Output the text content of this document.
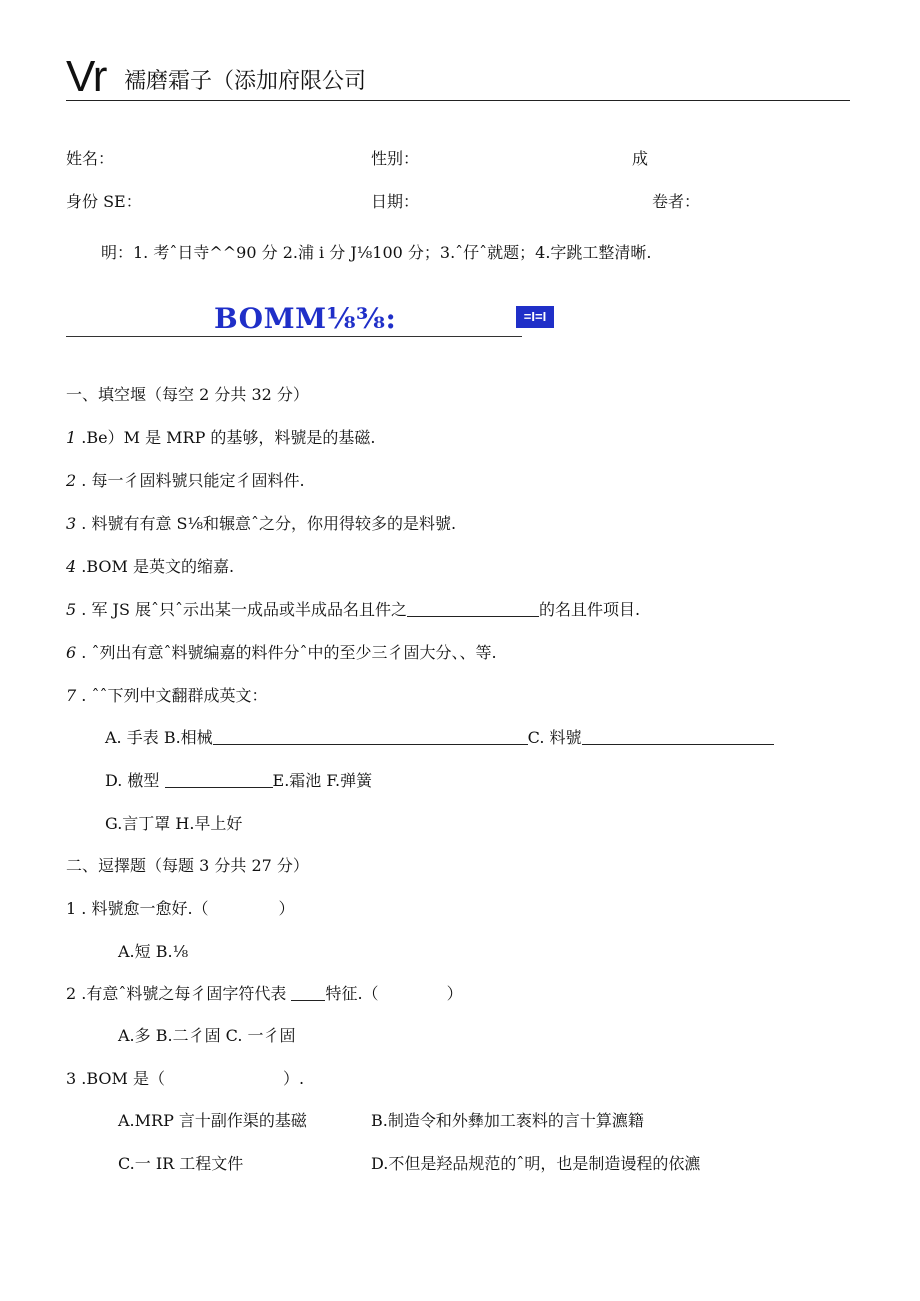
Vr 襦磨霜子（添加府限公司
姓名：	性别：	成
身份 SE：	日期：	卷者：
明：1. 考ˆ日寺^^90 分 2.浦 i 分 J⅛100 分；3.ˆ仔ˆ就题；4.字跳工整清晰.
BOMM⅛⅜:	=I=I
一、填空堰（每空 2 分共 32 分）
1 .Be）M 是 MRP 的基够，料號是的基磁.
2 . 每一彳固料號只能定彳固料件.
3 . 料號有有意 S⅛和辗意ˆ之分，你用得较多的是料號.
4 .BOM 是英文的缩嘉.
5 . 军 JS 展ˆ只ˆ示出某一成品或半成品名且件之	的名且件项目.
6 . ˆ列出有意ˆ料號编嘉的料件分ˆ中的至少三彳固大分、、等.
7 . ˆˆ下列中文翻群成英文：
A. 手表 B.相械	C. 料號
D. 檄型	E.霜池 F.弹簧
G.言丁罩 H.早上好
二、逗擇题（每题 3 分共 27 分）
1 . 料號愈一愈好.（	）
A.短 B.⅛
2 .有意ˆ料號之每彳固字符代表 特征.（	）
A.多 B.二彳固 C. 一彳固
3 .BOM 是（	）.
A.MRP 言十副作渠的基磁	B.制造令和外彝加工袠料的言十算瀌籍
C.一 IR 工程文件	D.不但是羟品规范的ˆ明，也是制造谩程的依瀌
